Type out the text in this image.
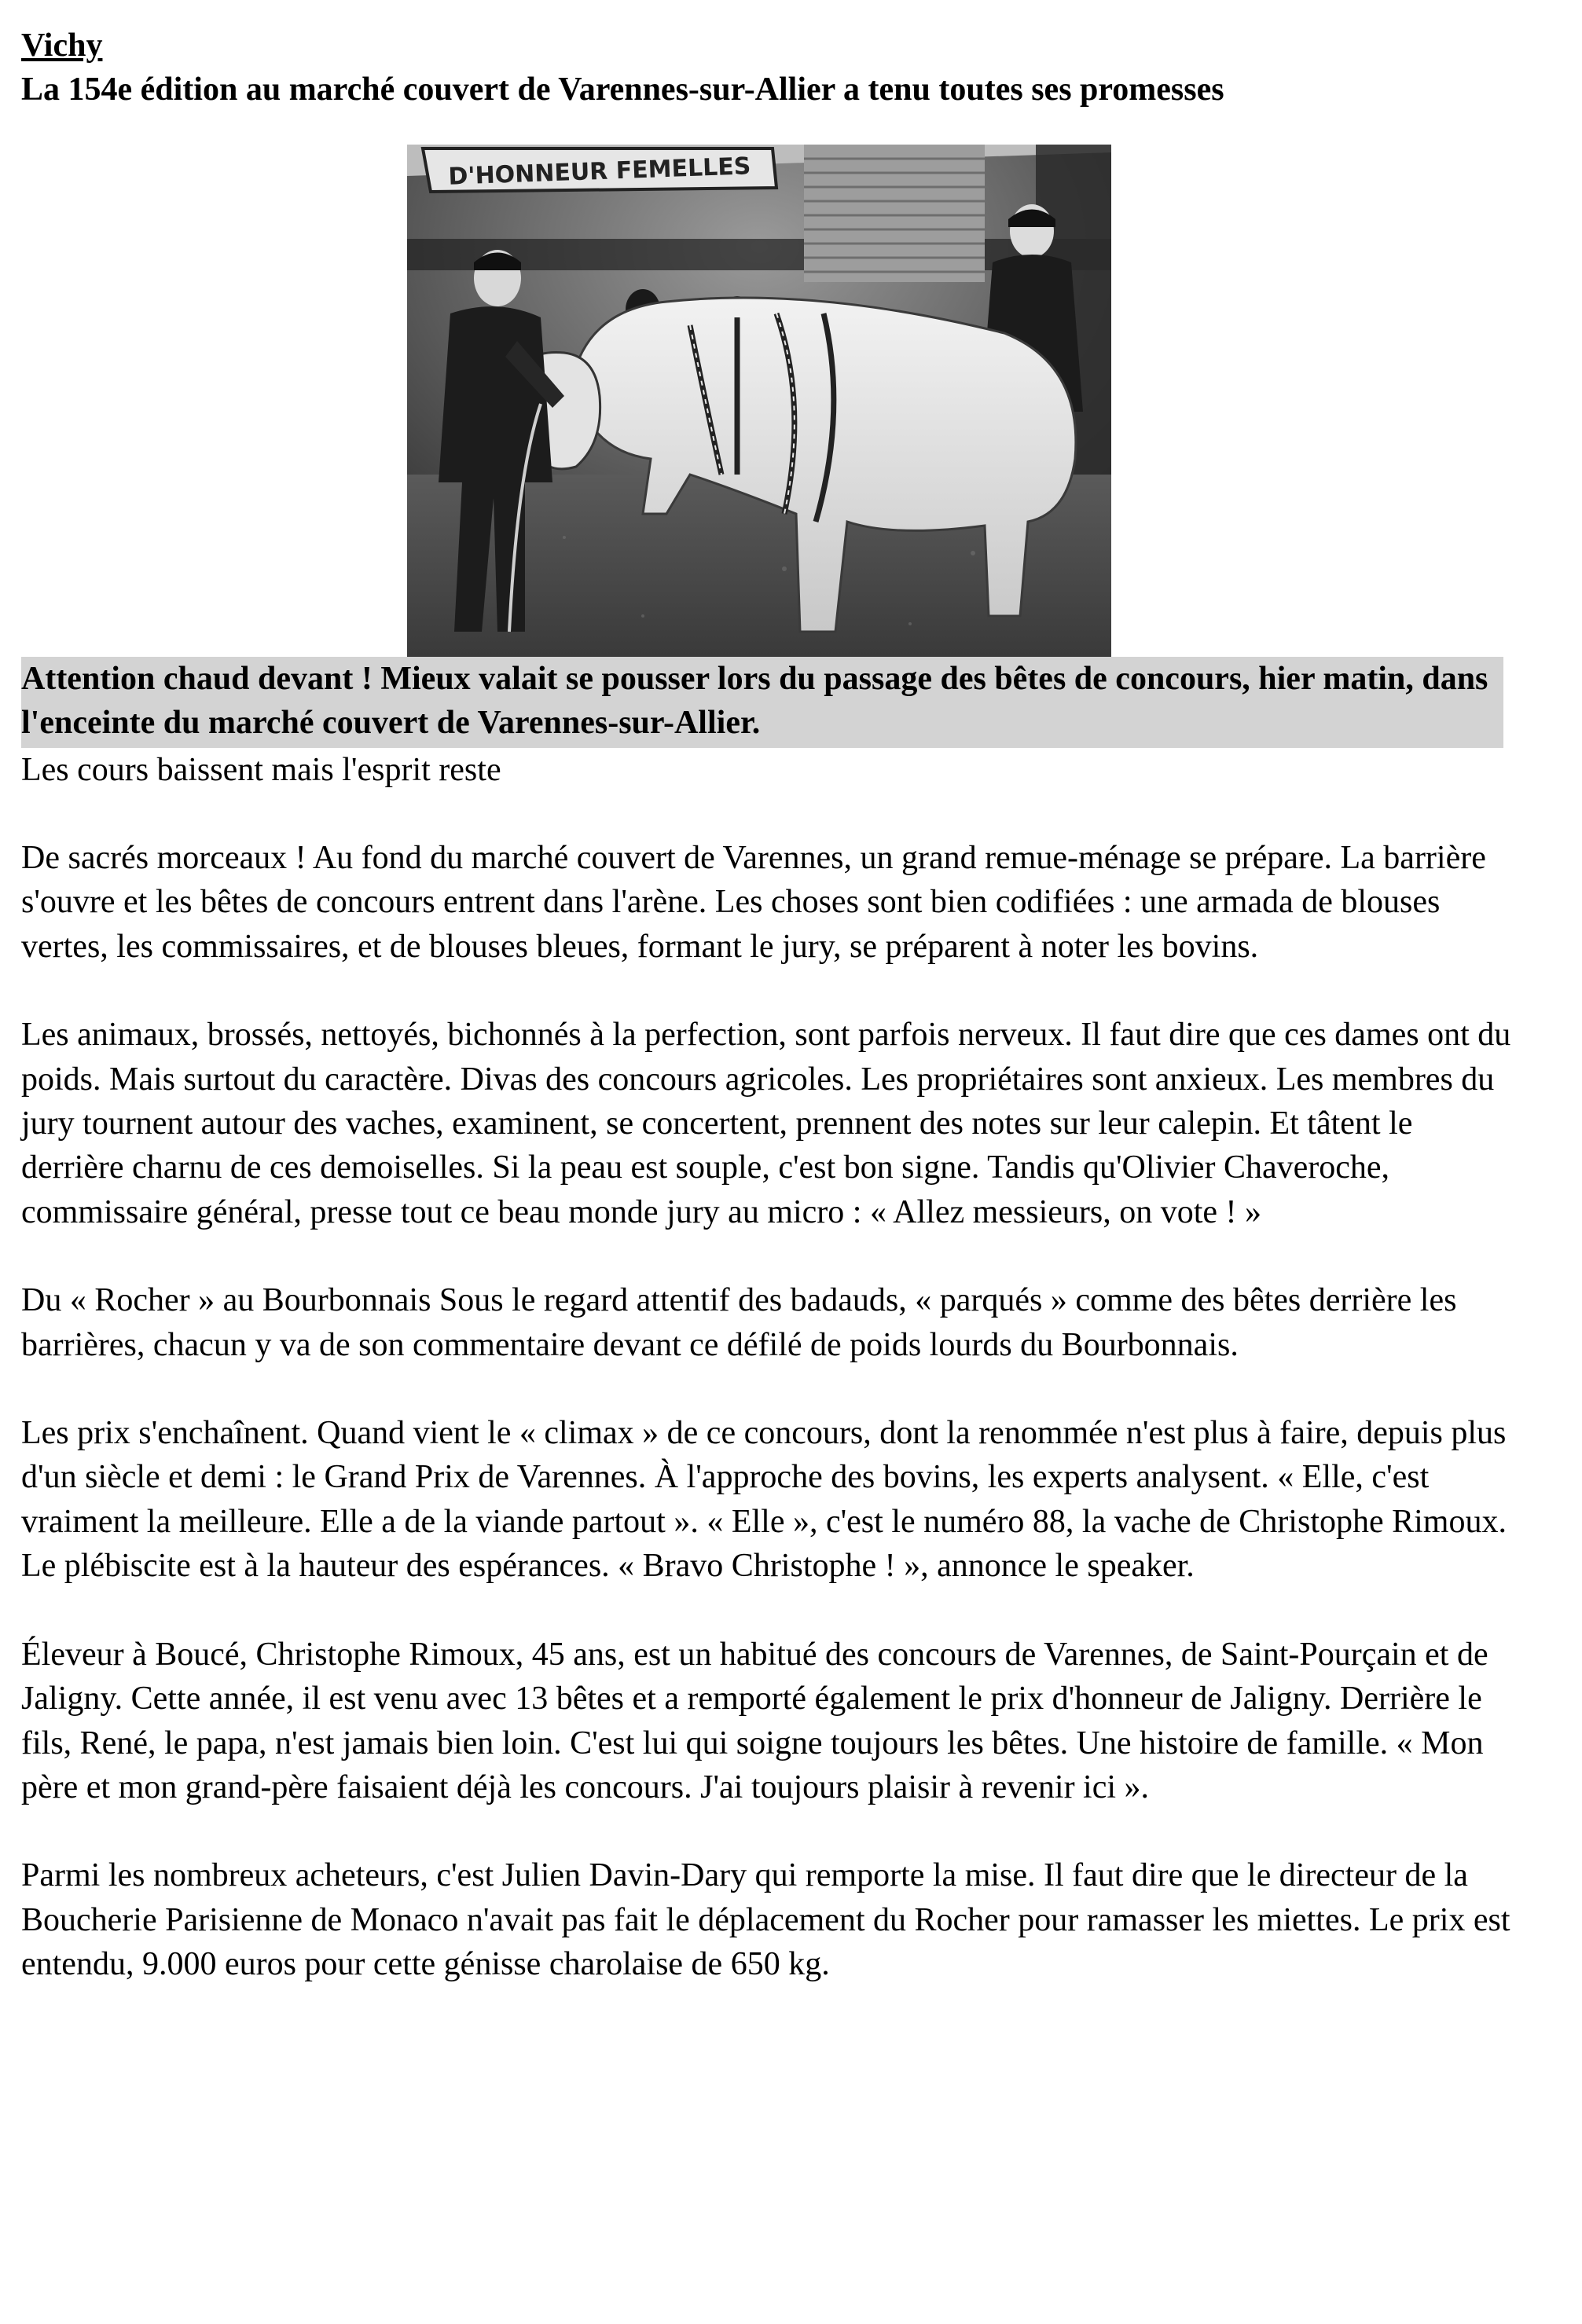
Vichy
La 154e édition au marché couvert de Varennes-sur-Allier a tenu toutes ses promesses
D'HONNEUR FEMELLES

Attention chaud devant ! Mieux valait se pousser lors du passage des bêtes de concours, hier matin, dans l'enceinte du marché couvert de Varennes-sur-Allier.

Les cours baissent mais l'esprit reste

De sacrés morceaux ! Au fond du marché couvert de Varennes, un grand remue-ménage se prépare. La barrière s'ouvre et les bêtes de concours entrent dans l'arène. Les choses sont bien codifiées : une armada de blouses vertes, les commissaires, et de blouses bleues, formant le jury, se préparent à noter les bovins.

Les animaux, brossés, nettoyés, bichonnés à la perfection, sont parfois nerveux. Il faut dire que ces dames ont du poids. Mais surtout du caractère. Divas des concours agricoles. Les propriétaires sont anxieux. Les membres du jury tournent autour des vaches, examinent, se concertent, prennent des notes sur leur calepin. Et tâtent le derrière charnu de ces demoiselles. Si la peau est souple, c'est bon signe. Tandis qu'Olivier Chaveroche, commissaire général, presse tout ce beau monde jury au micro : « Allez messieurs, on vote ! »

Du « Rocher » au Bourbonnais Sous le regard attentif des badauds, « parqués » comme des bêtes derrière les barrières, chacun y va de son commentaire devant ce défilé de poids lourds du Bourbonnais.

Les prix s'enchaînent. Quand vient le « climax » de ce concours, dont la renommée n'est plus à faire, depuis plus d'un siècle et demi : le Grand Prix de Varennes. À l'approche des bovins, les experts analysent. « Elle, c'est vraiment la meilleure. Elle a de la viande partout ». « Elle », c'est le numéro 88, la vache de Christophe Rimoux. Le plébiscite est à la hauteur des espérances. « Bravo Christophe ! », annonce le speaker.

Éleveur à Boucé, Christophe Rimoux, 45 ans, est un habitué des concours de Varennes, de Saint-Pourçain et de Jaligny. Cette année, il est venu avec 13 bêtes et a remporté également le prix d'honneur de Jaligny. Derrière le fils, René, le papa, n'est jamais bien loin. C'est lui qui soigne toujours les bêtes. Une histoire de famille. « Mon père et mon grand-père faisaient déjà les concours. J'ai toujours plaisir à revenir ici ».

Parmi les nombreux acheteurs, c'est Julien Davin-Dary qui remporte la mise. Il faut dire que le directeur de la Boucherie Parisienne de Monaco n'avait pas fait le déplacement du Rocher pour ramasser les miettes. Le prix est entendu, 9.000 euros pour cette génisse charolaise de 650 kg.
